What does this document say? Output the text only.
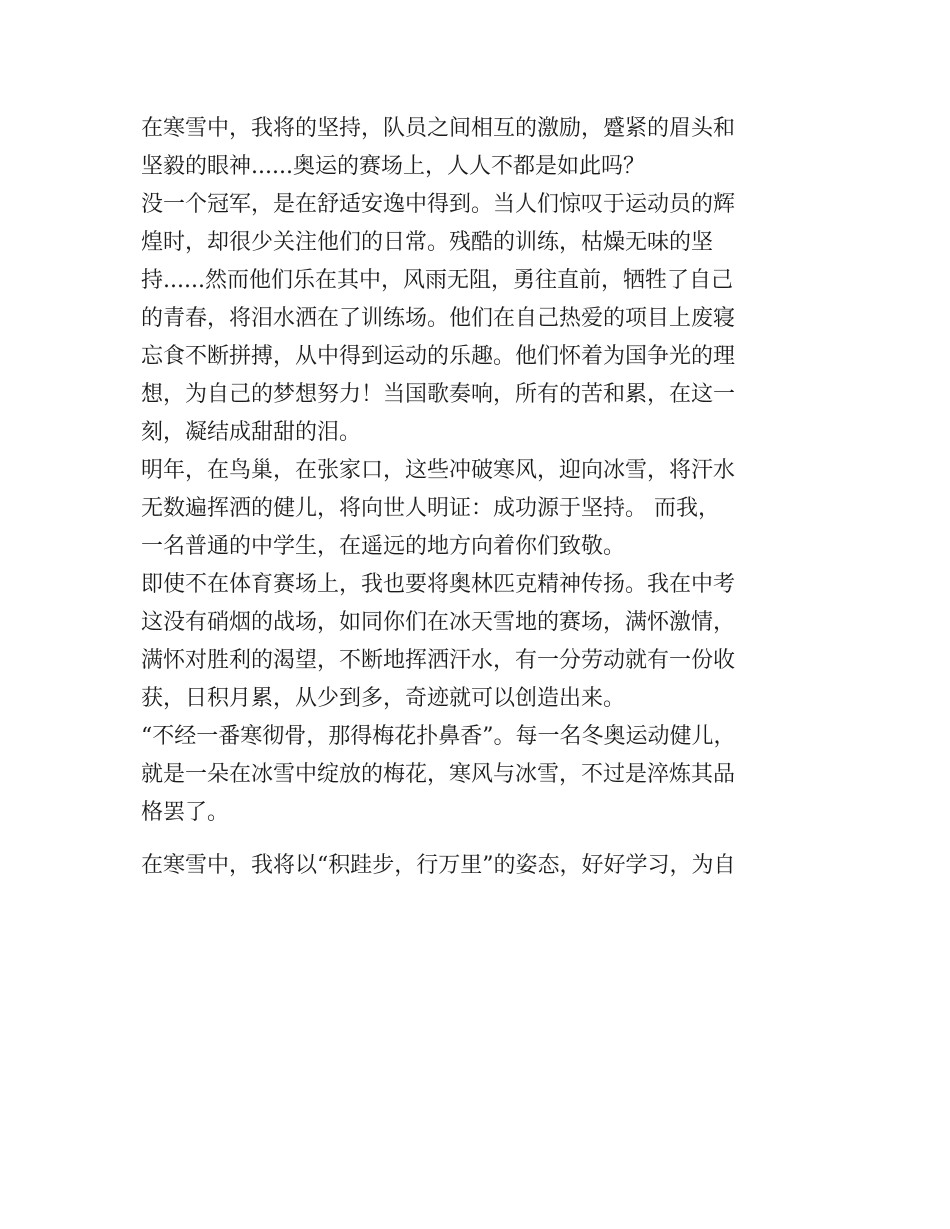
在寒雪中，我将的坚持，队员之间相互的激励，蹙紧的眉头和
坚毅的眼神......奥运的赛场上，人人不都是如此吗？
没一个冠军，是在舒适安逸中得到。当人们惊叹于运动员的辉
煌时，却很少关注他们的日常。残酷的训练，枯燥无味的坚
持......然而他们乐在其中，风雨无阻，勇往直前，牺牲了自己
的青春，将泪水洒在了训练场。他们在自己热爱的项目上废寝
忘食不断拼搏，从中得到运动的乐趣。他们怀着为国争光的理
想，为自己的梦想努力！当国歌奏响，所有的苦和累，在这一
刻，凝结成甜甜的泪。
明年，在鸟巢，在张家口，这些冲破寒风，迎向冰雪，将汗水
无数遍挥洒的健儿，将向世人明证：成功源于坚持。 而我，
一名普通的中学生，在遥远的地方向着你们致敬。
即使不在体育赛场上，我也要将奥林匹克精神传扬。我在中考
这没有硝烟的战场，如同你们在冰天雪地的赛场，满怀激情，
满怀对胜利的渴望，不断地挥洒汗水，有一分劳动就有一份收
获，日积月累，从少到多，奇迹就可以创造出来。
“不经一番寒彻骨，那得梅花扑鼻香”。每一名冬奥运动健儿，
就是一朵在冰雪中绽放的梅花，寒风与冰雪，不过是淬炼其品
格罢了。
在寒雪中，我将以“积跬步，行万里”的姿态，好好学习，为自
